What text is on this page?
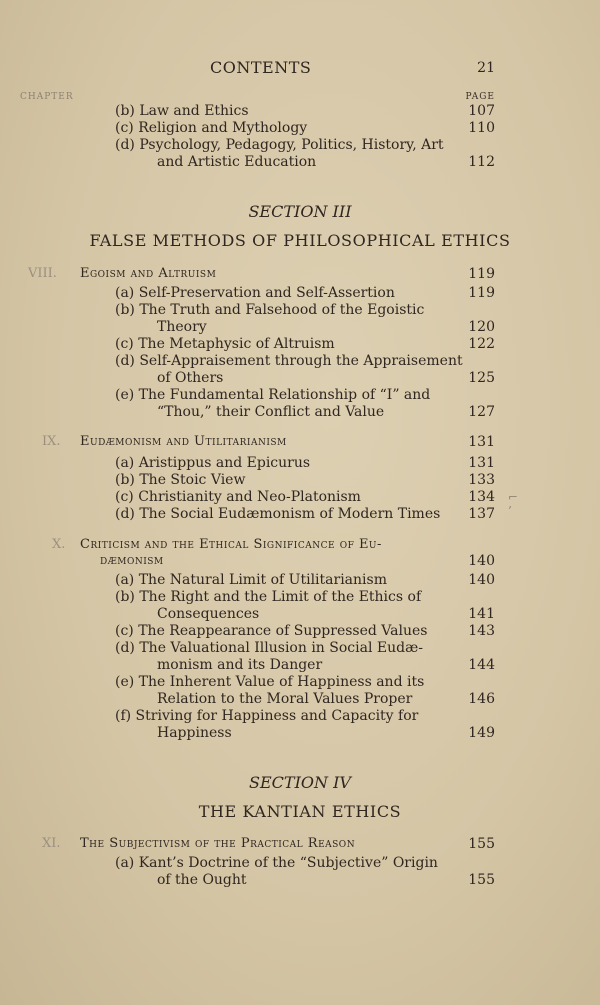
CONTENTS	21
CHAPTER	PAGE
(b) Law and Ethics	107
(c) Religion and Mythology	110
(d) Psychology, Pedagogy, Politics, History, Art
and Artistic Education	112
SECTION III
FALSE METHODS OF PHILOSOPHICAL ETHICS
VIII. Egoism and Altruism	119
(a) Self-Preservation and Self-Assertion	119
(b) The Truth and Falsehood of the Egoistic
Theory	120
(c) The Metaphysic of Altruism	122
(d) Self-Appraisement through the Appraisement
of Others	125
(e) The Fundamental Relationship of “I” and
“Thou,” their Conflict and Value	127
IX. Eudæmonism and Utilitarianism	131
(a) Aristippus and Epicurus	131
(b) The Stoic View	133
(c) Christianity and Neo-Platonism	134
(d) The Social Eudæmonism of Modern Times 137
⌐
’
X. Criticism and the Ethical Significance of Eu-
dæmonism	140
(a) The Natural Limit of Utilitarianism	140
(b) The Right and the Limit of the Ethics of
Consequences	141
(c) The Reappearance of Suppressed Values	143
(d) The Valuational Illusion in Social Eudæ-
monism and its Danger	144
(e) The Inherent Value of Happiness and its
Relation to the Moral Values Proper	146
(f) Striving for Happiness and Capacity for
Happiness	149
SECTION IV
THE KANTIAN ETHICS
XI. The Subjectivism of the Practical Reason	155
(a) Kant’s Doctrine of the “Subjective” Origin
of the Ought	155
